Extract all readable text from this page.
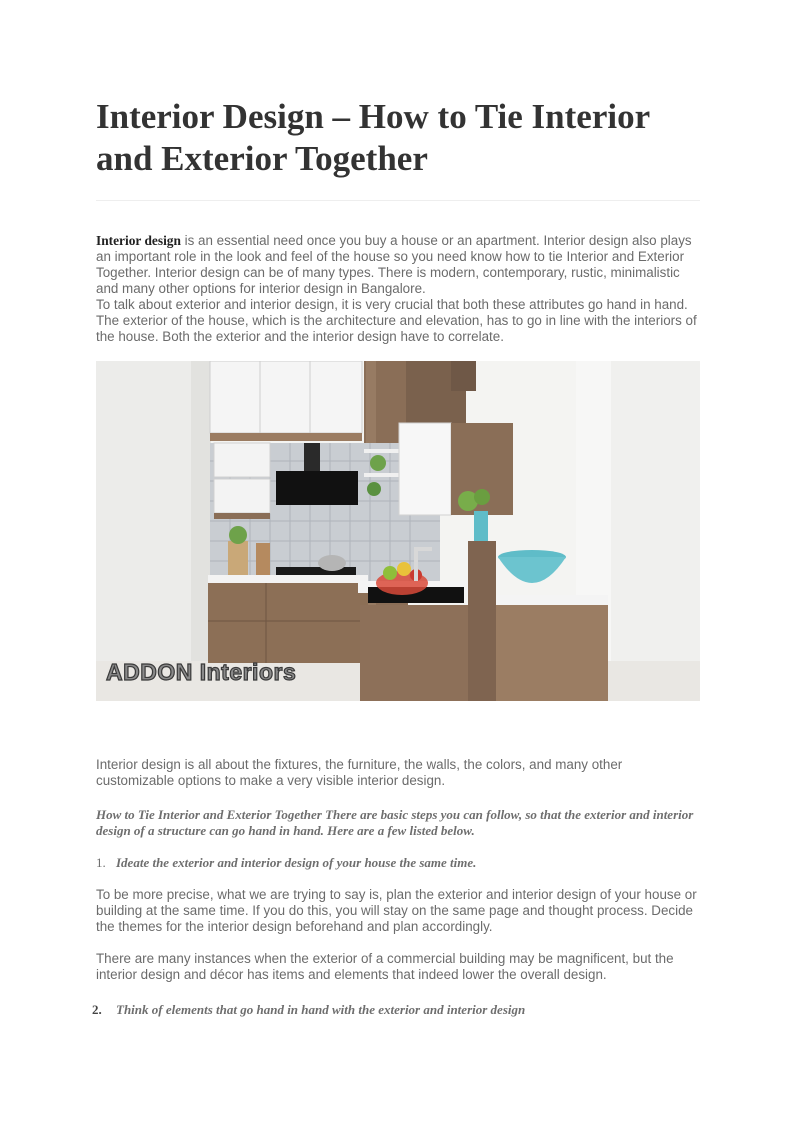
Interior Design – How to Tie Interior and Exterior Together

Interior design is an essential need once you buy a house or an apartment. Interior design also plays an important role in the look and feel of the house so you need know how to tie Interior and Exterior Together. Interior design can be of many types. There is modern, contemporary, rustic, minimalistic and many other options for interior design in Bangalore.

To talk about exterior and interior design, it is very crucial that both these attributes go hand in hand. The exterior of the house, which is the architecture and elevation, has to go in line with the interiors of the house. Both the exterior and the interior design have to correlate.

ADDON Interiors

Interior design is all about the fixtures, the furniture, the walls, the colors, and many other customizable options to make a very visible interior design.

How to Tie Interior and Exterior Together There are basic steps you can follow, so that the exterior and interior design of a structure can go hand in hand. Here are a few listed below.
1. Ideate the exterior and interior design of your house the same time.

To be more precise, what we are trying to say is, plan the exterior and interior design of your house or building at the same time. If you do this, you will stay on the same page and thought process. Decide the themes for the interior design beforehand and plan accordingly.

There are many instances when the exterior of a commercial building may be magnificent, but the interior design and décor has items and elements that indeed lower the overall design.

2.	Think of elements that go hand in hand with the exterior and interior design
